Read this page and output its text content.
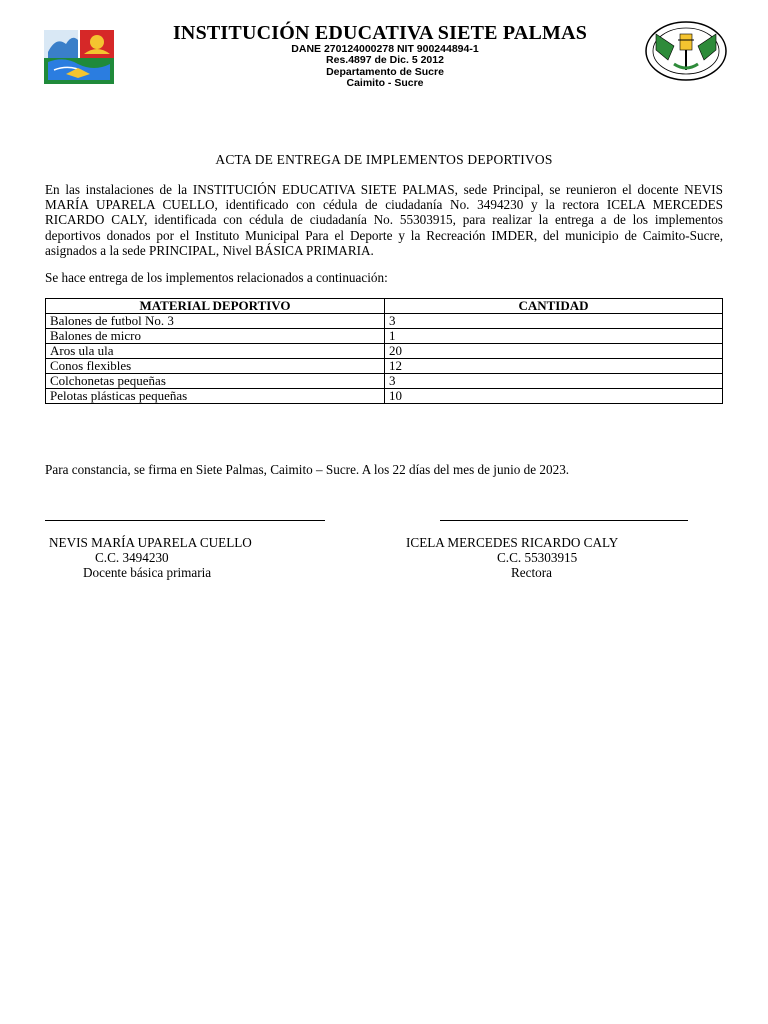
INSTITUCIÓN EDUCATIVA SIETE PALMAS
DANE 270124000278 NIT 900244894-1
Res.4897 de Dic. 5 2012
Departamento de Sucre
Caimito - Sucre
ACTA DE ENTREGA DE IMPLEMENTOS DEPORTIVOS
En las instalaciones de la INSTITUCIÓN EDUCATIVA SIETE PALMAS, sede Principal, se reunieron el docente NEVIS MARÍA UPARELA CUELLO, identificado con cédula de ciudadanía No. 3494230 y la rectora ICELA MERCEDES RICARDO CALY, identificada con cédula de ciudadanía No. 55303915, para realizar la entrega a de los implementos deportivos donados por el Instituto Municipal Para el Deporte y la Recreación IMDER, del municipio de Caimito-Sucre, asignados a la sede PRINCIPAL, Nivel BÁSICA PRIMARIA.
Se hace entrega de los implementos relacionados a continuación:
MATERIAL DEPORTIVO	CANTIDAD
Balones de futbol No. 3	3
Balones de micro	1
Aros ula ula	20
Conos flexibles	12
Colchonetas pequeñas	3
Pelotas plásticas pequeñas	10
Para constancia, se firma en Siete Palmas, Caimito – Sucre. A los 22 días del mes de junio de 2023.
NEVIS MARÍA UPARELA CUELLO
C.C. 3494230
Docente básica primaria
ICELA MERCEDES RICARDO CALY
C.C. 55303915
Rectora
